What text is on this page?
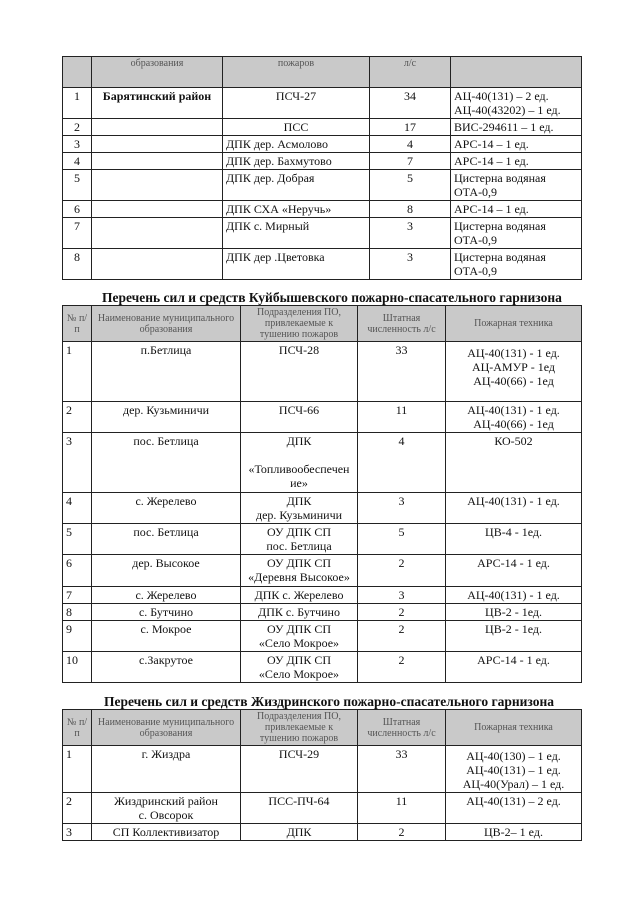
	образования	пожаров	л/с	
1	Барятинский район	ПСЧ-27	34	АЦ-40(131) – 2 ед.
АЦ-40(43202) – 1 ед.

2		ПСС	17	ВИС-294611 – 1 ед.
3		ДПК дер. Асмолово	4	АРС-14 – 1 ед.
4		ДПК дер. Бахмутово	7	АРС-14 – 1 ед.
5		ДПК дер. Добрая	5	Цистерна водяная
ОТА-0,9

6		ДПК СХА «Неручь»	8	АРС-14 – 1 ед.
7		ДПК с. Мирный	3	Цистерна водяная
ОТА-0,9

8		ДПК дер .Цветовка	3	Цистерна водяная
ОТА-0,9
Перечень сил и средств Куйбышевского пожарно-спасательного гарнизона
№ п/п	Наименование муниципального образования	Подразделения ПО, привлекаемые к тушению пожаров	Штатная численность л/с	Пожарная техника
1	п.Бетлица	ПСЧ-28	33	АЦ-40(131) - 1 ед.
АЦ-АМУР - 1ед
АЦ-40(66) - 1ед

2	дер. Кузьминичи	ПСЧ-66	11	АЦ-40(131) - 1 ед.
АЦ-40(66) - 1ед

3	пос. Бетлица	ДПК
«Топливообеспечен
ие»	4	КО-502
4	с. Жерелево	ДПК
дер. Кузьминичи	3	АЦ-40(131) - 1 ед.
5	пос. Бетлица	ОУ ДПК СП
пос. Бетлица	5	ЦВ-4 - 1ед.
6	дер. Высокое	ОУ ДПК СП
«Деревня Высокое»	2	АРС-14 - 1 ед.
7	с. Жерелево	ДПК с. Жерелево	3	АЦ-40(131) - 1 ед.
8	с. Бутчино	ДПК с. Бутчино	2	ЦВ-2 - 1ед.
9	с. Мокрое	ОУ ДПК СП
«Село Мокрое»	2	ЦВ-2 - 1ед.
10	с.Закрутое	ОУ ДПК СП
«Село Мокрое»	2	АРС-14 - 1 ед.
Перечень сил и средств Жиздринского пожарно-спасательного гарнизона
№ п/п	Наименование муниципального образования	Подразделения ПО, привлекаемые к тушению пожаров	Штатная численность л/с	Пожарная техника
1	г. Жиздра	ПСЧ-29	33	АЦ-40(130) – 1 ед.
АЦ-40(131) – 1 ед.
АЦ-40(Урал) – 1 ед.

2	Жиздринский район
с. Овсорок	ПСС-ПЧ-64	11	АЦ-40(131) – 2 ед.
3	СП Коллективизатор	ДПК	2	ЦВ-2– 1 ед.
